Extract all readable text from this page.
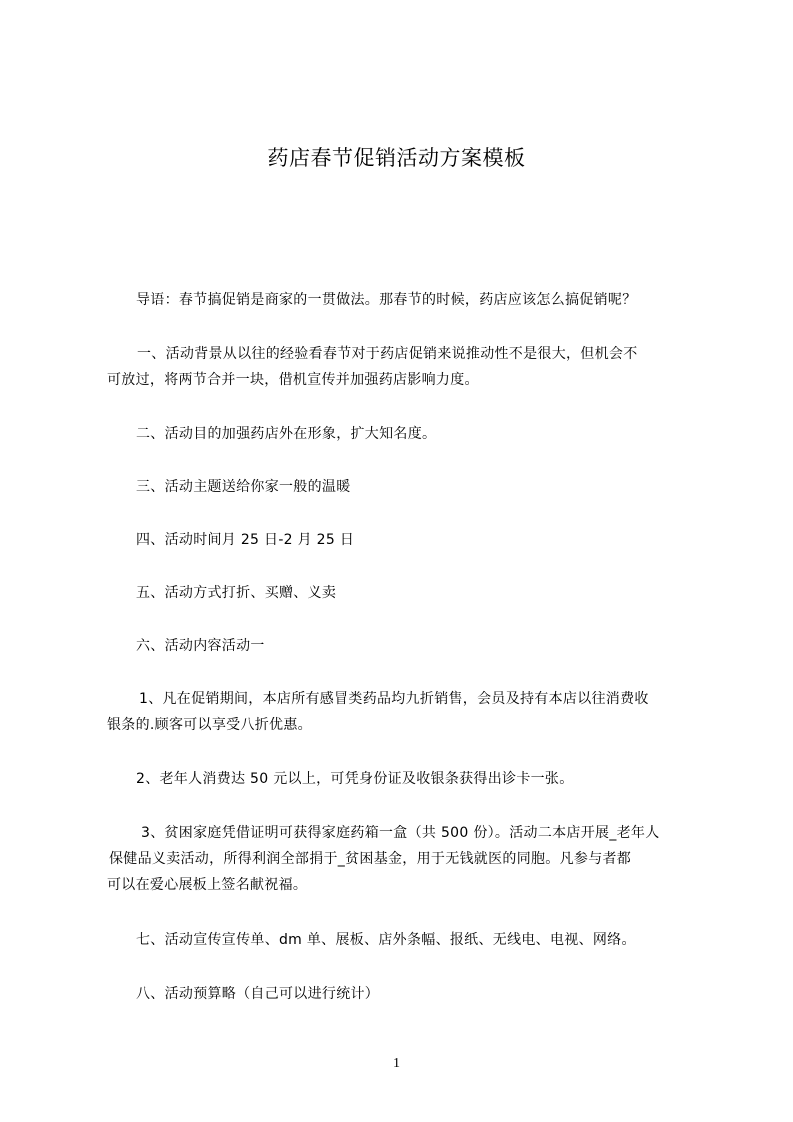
药店春节促销活动方案模板
导语：春节搞促销是商家的一贯做法。那春节的时候，药店应该怎么搞促销呢？
一、活动背景从以往的经验看春节对于药店促销来说推动性不是很大，但机会不
可放过，将两节合并一块，借机宣传并加强药店影响力度。
二、活动目的加强药店外在形象，扩大知名度。
三、活动主题送给你家一般的温暖
四、活动时间月 25 日-2 月 25 日
五、活动方式打折、买赠、义卖
六、活动内容活动一
1、凡在促销期间，本店所有感冒类药品均九折销售，会员及持有本店以往消费收
银条的.顾客可以享受八折优惠。
2、老年人消费达 50 元以上，可凭身份证及收银条获得出诊卡一张。
3、贫困家庭凭借证明可获得家庭药箱一盒（共 500 份）。活动二本店开展_老年人
保健品义卖活动，所得利润全部捐于_贫困基金，用于无钱就医的同胞。凡参与者都
可以在爱心展板上签名献祝福。
七、活动宣传宣传单、dm 单、展板、店外条幅、报纸、无线电、电视、网络。
八、活动预算略（自己可以进行统计）
1
